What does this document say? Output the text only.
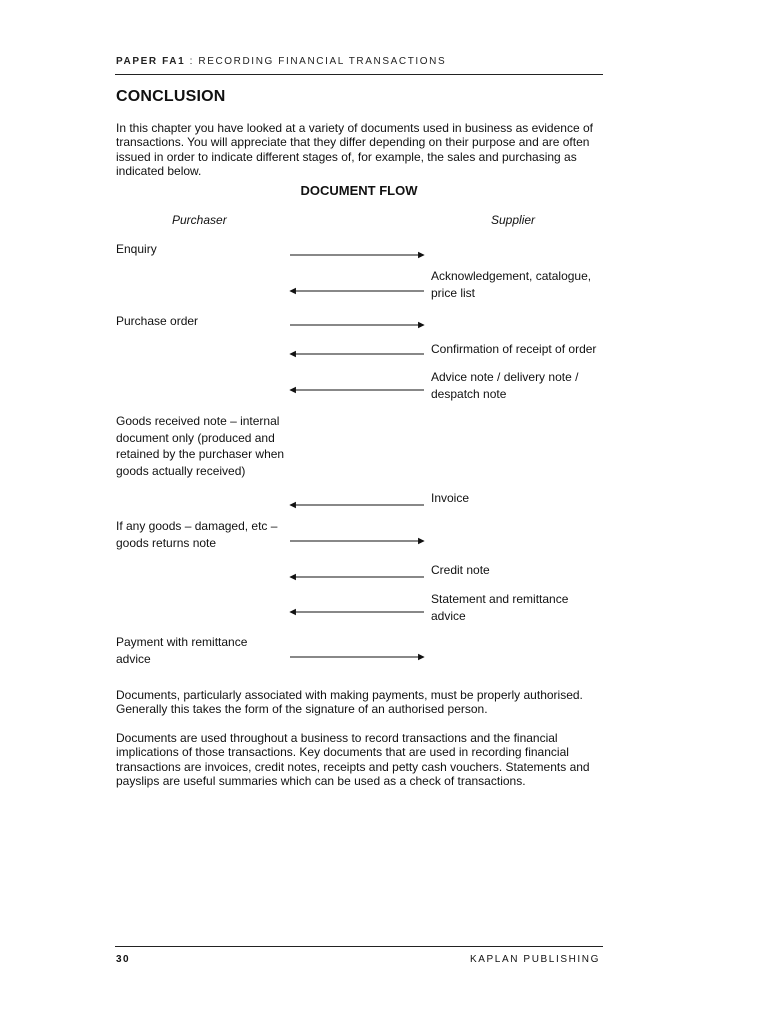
PAPER FA1 : RECORDING FINANCIAL TRANSACTIONS
CONCLUSION
In this chapter you have looked at a variety of documents used in business as evidence of transactions. You will appreciate that they differ depending on their purpose and are often issued in order to indicate different stages of, for example, the sales and purchasing as indicated below.
DOCUMENT FLOW
Purchaser	Supplier
Enquiry
Acknowledgement, catalogue, price list
Purchase order
Confirmation of receipt of order
Advice note / delivery note / despatch note
Goods received note – internal document only (produced and retained by the purchaser when goods actually received)
Invoice
If any goods – damaged, etc – goods returns note
Credit note
Statement and remittance advice
Payment with remittance advice
Documents, particularly associated with making payments, must be properly authorised. Generally this takes the form of the signature of an authorised person.
Documents are used throughout a business to record transactions and the financial implications of those transactions. Key documents that are used in recording financial transactions are invoices, credit notes, receipts and petty cash vouchers. Statements and payslips are useful summaries which can be used as a check of transactions.
30	KAPLAN PUBLISHING
